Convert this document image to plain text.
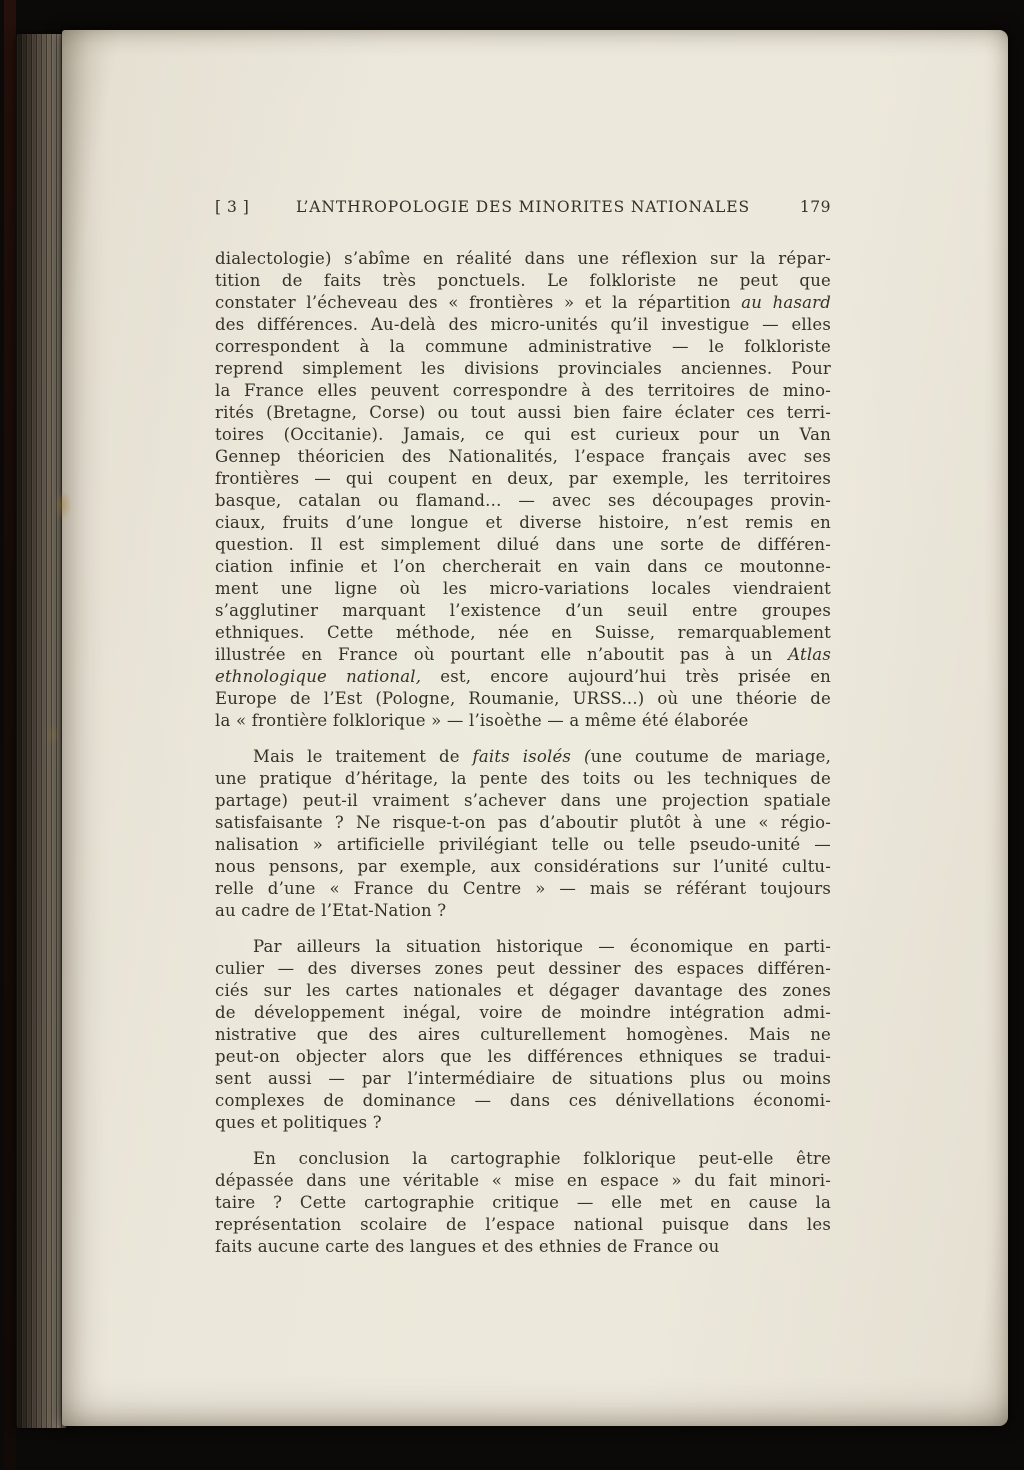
[ 3 ]	L’ANTHROPOLOGIE DES MINORITES NATIONALES	179
dialectologie) s’abîme en réalité dans une réflexion sur la répar-
tition de faits très ponctuels. Le folkloriste ne peut que
constater l’écheveau des « frontières » et la répartition au hasard
des différences. Au-delà des micro-unités qu’il investigue — elles
correspondent à la commune administrative — le folkloriste
reprend simplement les divisions provinciales anciennes. Pour
la France elles peuvent correspondre à des territoires de mino-
rités (Bretagne, Corse) ou tout aussi bien faire éclater ces terri-
toires (Occitanie). Jamais, ce qui est curieux pour un Van
Gennep théoricien des Nationalités, l’espace français avec ses
frontières — qui coupent en deux, par exemple, les territoires
basque, catalan ou flamand... — avec ses découpages provin-
ciaux, fruits d’une longue et diverse histoire, n’est remis en
question. Il est simplement dilué dans une sorte de différen-
ciation infinie et l’on chercherait en vain dans ce moutonne-
ment une ligne où les micro-variations locales viendraient
s’agglutiner marquant l’existence d’un seuil entre groupes
ethniques. Cette méthode, née en Suisse, remarquablement
illustrée en France où pourtant elle n’aboutit pas à un Atlas
ethnologique national, est, encore aujourd’hui très prisée en
Europe de l’Est (Pologne, Roumanie, URSS...) où une théorie de
la « frontière folklorique » — l’isoèthe — a même été élaborée
Mais le traitement de faits isolés (une coutume de mariage,
une pratique d’héritage, la pente des toits ou les techniques de
partage) peut-il vraiment s’achever dans une projection spatiale
satisfaisante ? Ne risque-t-on pas d’aboutir plutôt à une « régio-
nalisation » artificielle privilégiant telle ou telle pseudo-unité —
nous pensons, par exemple, aux considérations sur l’unité cultu-
relle d’une « France du Centre » — mais se référant toujours
au cadre de l’Etat-Nation ?
Par ailleurs la situation historique — économique en parti-
culier — des diverses zones peut dessiner des espaces différen-
ciés sur les cartes nationales et dégager davantage des zones
de développement inégal, voire de moindre intégration admi-
nistrative que des aires culturellement homogènes. Mais ne
peut-on objecter alors que les différences ethniques se tradui-
sent aussi — par l’intermédiaire de situations plus ou moins
complexes de dominance — dans ces dénivellations économi-
ques et politiques ?
En conclusion la cartographie folklorique peut-elle être
dépassée dans une véritable « mise en espace » du fait minori-
taire ? Cette cartographie critique — elle met en cause la
représentation scolaire de l’espace national puisque dans les
faits aucune carte des langues et des ethnies de France ou
